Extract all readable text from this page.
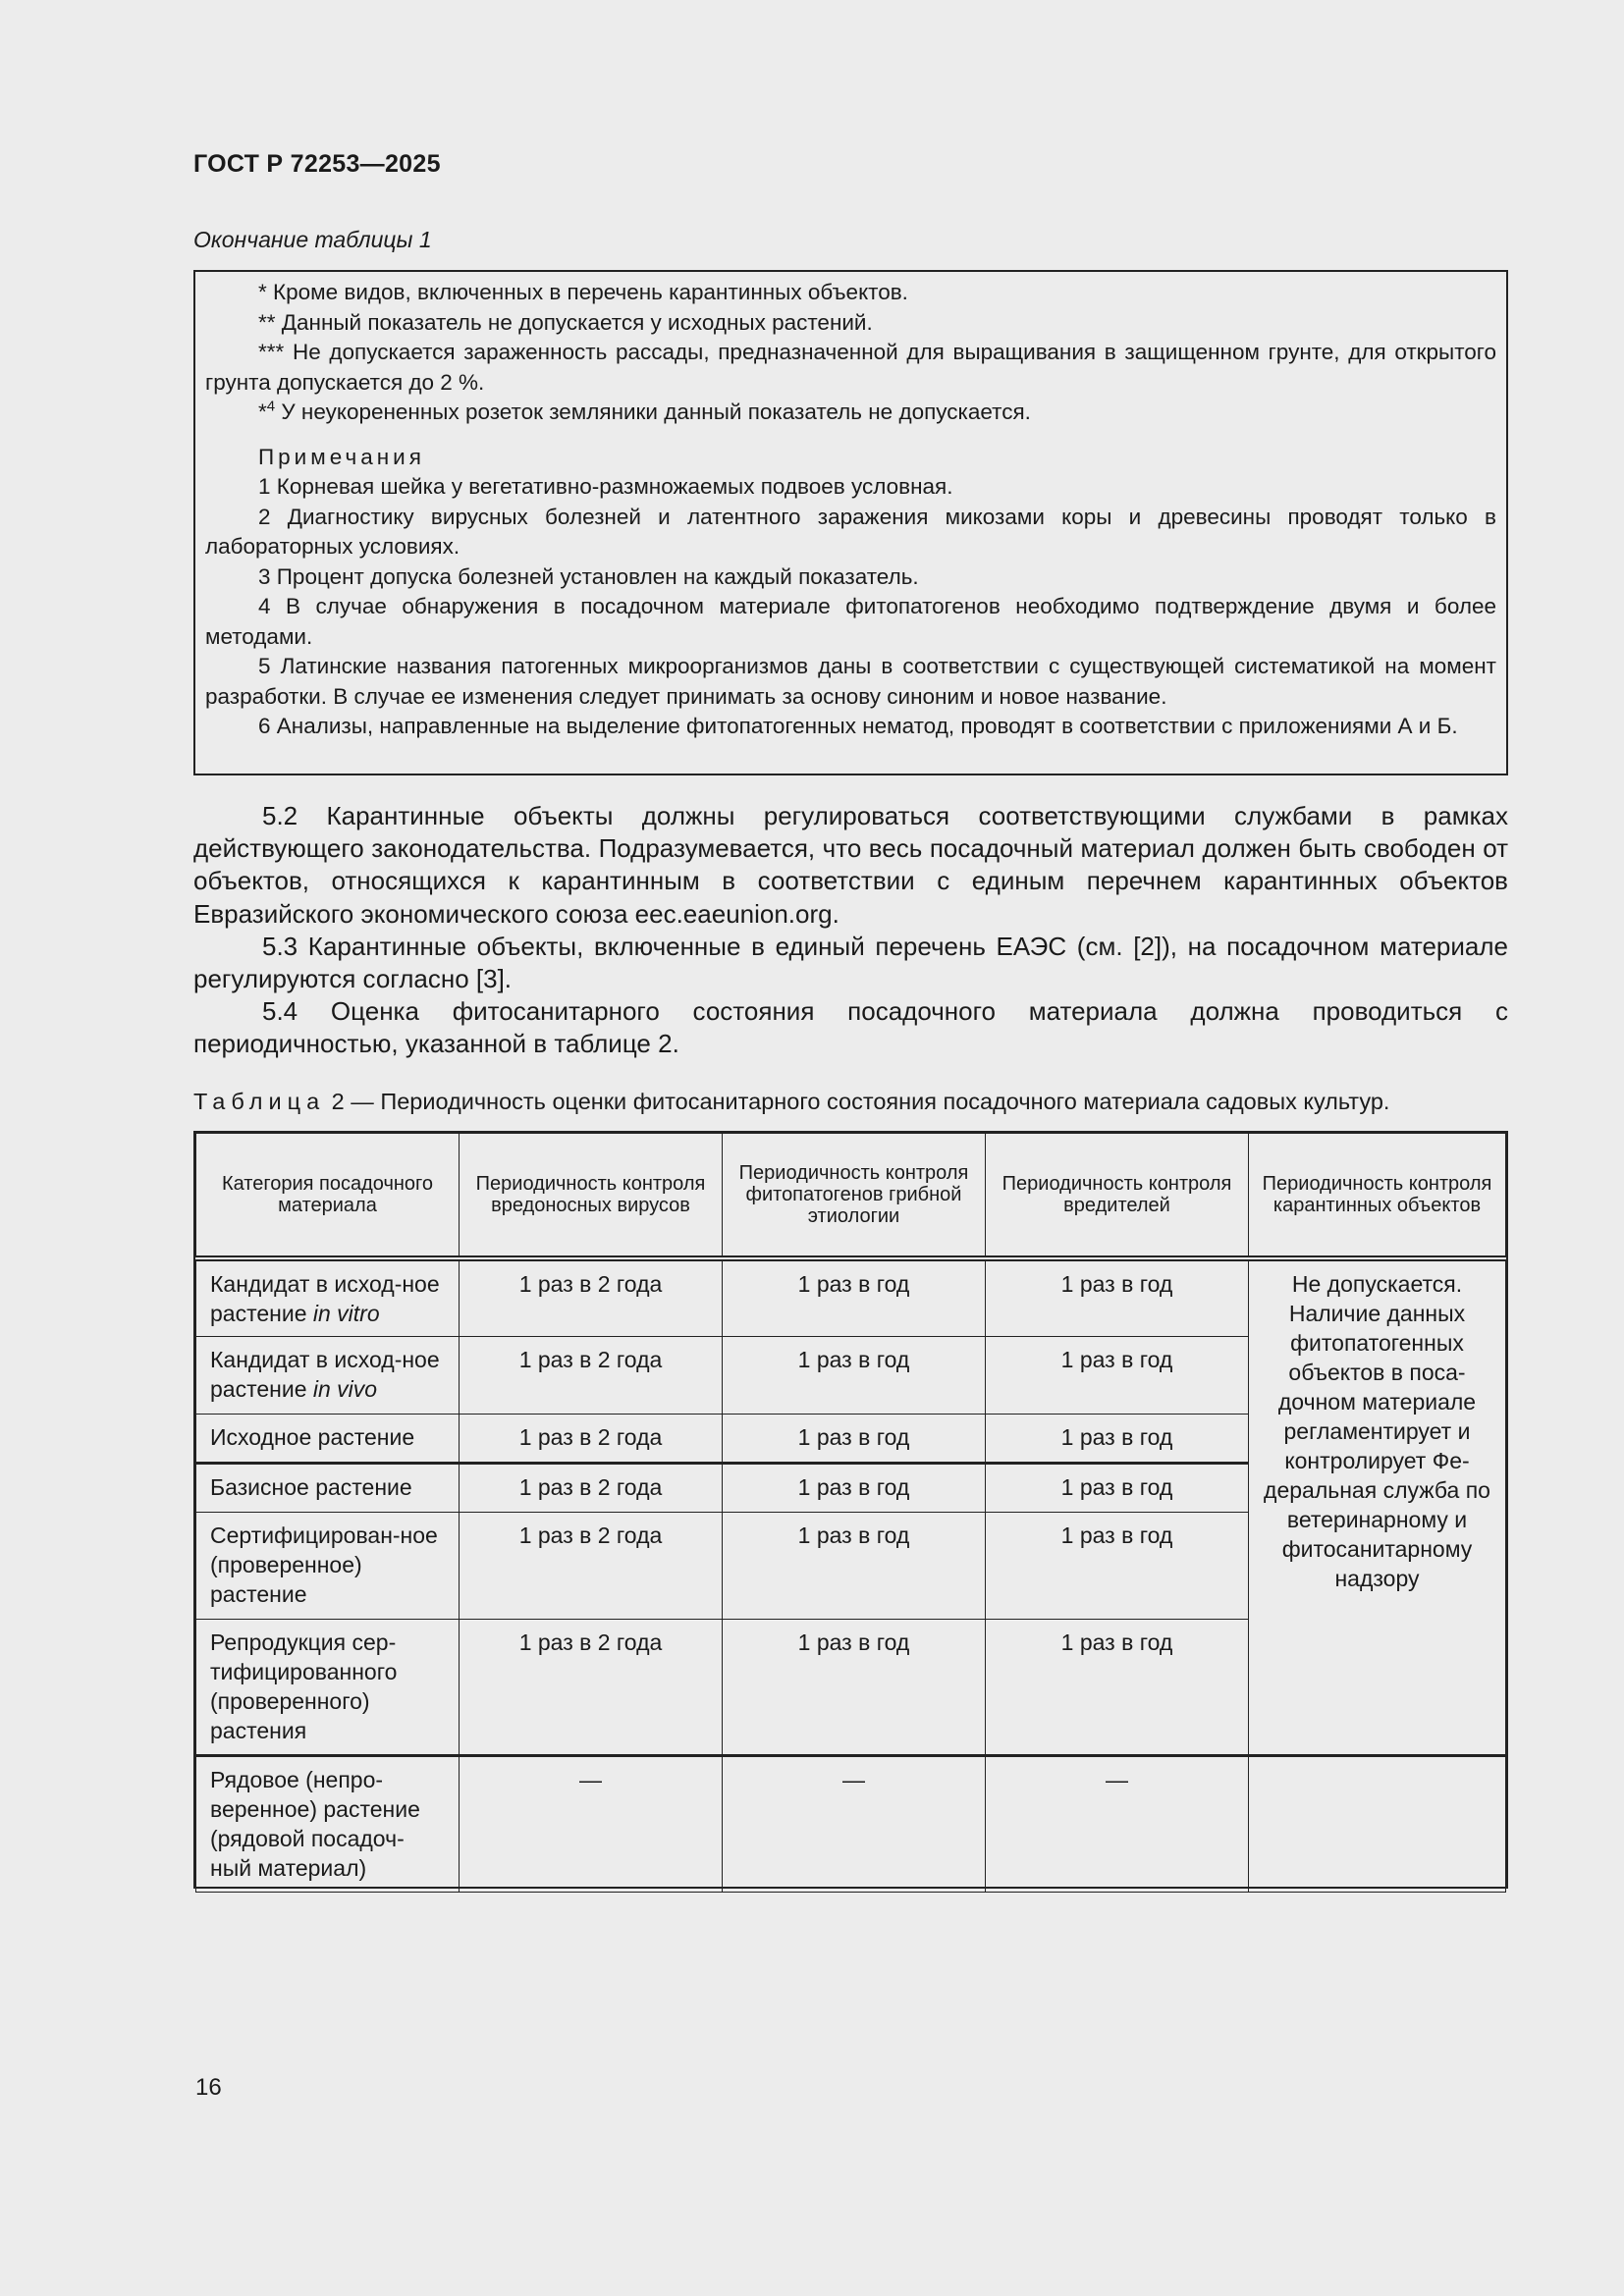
ГОСТ Р 72253—2025
Окончание таблицы 1

* Кроме видов, включенных в перечень карантинных объектов.

** Данный показатель не допускается у исходных растений.

*** Не допускается зараженность рассады, предназначенной для выращивания в защищенном грунте, для открытого грунта допускается до 2 %.

*$^4$ У неукорененных розеток земляники данный показатель не допускается.

Примечания

1 Корневая шейка у вегетативно-размножаемых подвоев условная.

2 Диагностику вирусных болезней и латентного заражения микозами коры и древесины проводят только в лабораторных условиях.

3 Процент допуска болезней установлен на каждый показатель.

4 В случае обнаружения в посадочном материале фитопатогенов необходимо подтверждение двумя и более методами.

5 Латинские названия патогенных микроорганизмов даны в соответствии с существующей систематикой на момент разработки. В случае ее изменения следует принимать за основу синоним и новое название.

6 Анализы, направленные на выделение фитопатогенных нематод, проводят в соответствии с приложениями А и Б.

5.2 Карантинные объекты должны регулироваться соответствующими службами в рамках действующего законодательства. Подразумевается, что весь посадочный материал должен быть свободен от объектов, относящихся к карантинным в соответствии с единым перечнем карантинных объектов Евразийского экономического союза eec.eaeunion.org.

5.3 Карантинные объекты, включенные в единый перечень ЕАЭС (см. [2]), на посадочном материале регулируются согласно [3].

5.4 Оценка фитосанитарного состояния посадочного материала должна проводиться с периодичностью, указанной в таблице 2.

Таблица 2 — Периодичность оценки фитосанитарного состояния посадочного материала садовых культур.
Категория посадочного материала	Периодичность контроля вредоносных вирусов	Периодичность контроля фитопатогенов грибной этиологии	Периодичность контроля вредителей	Периодичность контроля карантинных объектов
Кандидат в исход-ное растение in vitro	1 раз в 2 года	1 раз в год	1 раз в год	Не допускается. Наличие данных фитопатогенных объектов в поса-дочном материале регламентирует и контролирует Фе-деральная служба по ветеринарному и фитосанитарному надзору
Кандидат в исход-ное растение in vivo	1 раз в 2 года	1 раз в год	1 раз в год	
Исходное растение	1 раз в 2 года	1 раз в год	1 раз в год	
Базисное растение	1 раз в 2 года	1 раз в год	1 раз в год	
Сертифицирован-ное (проверенное) растение	1 раз в 2 года	1 раз в год	1 раз в год	
Репродукция сер-тифицированного (проверенного) растения	1 раз в 2 года	1 раз в год	1 раз в год	
Рядовое (непро-веренное) растение (рядовой посадоч-ный материал)	—	—	—	
16
